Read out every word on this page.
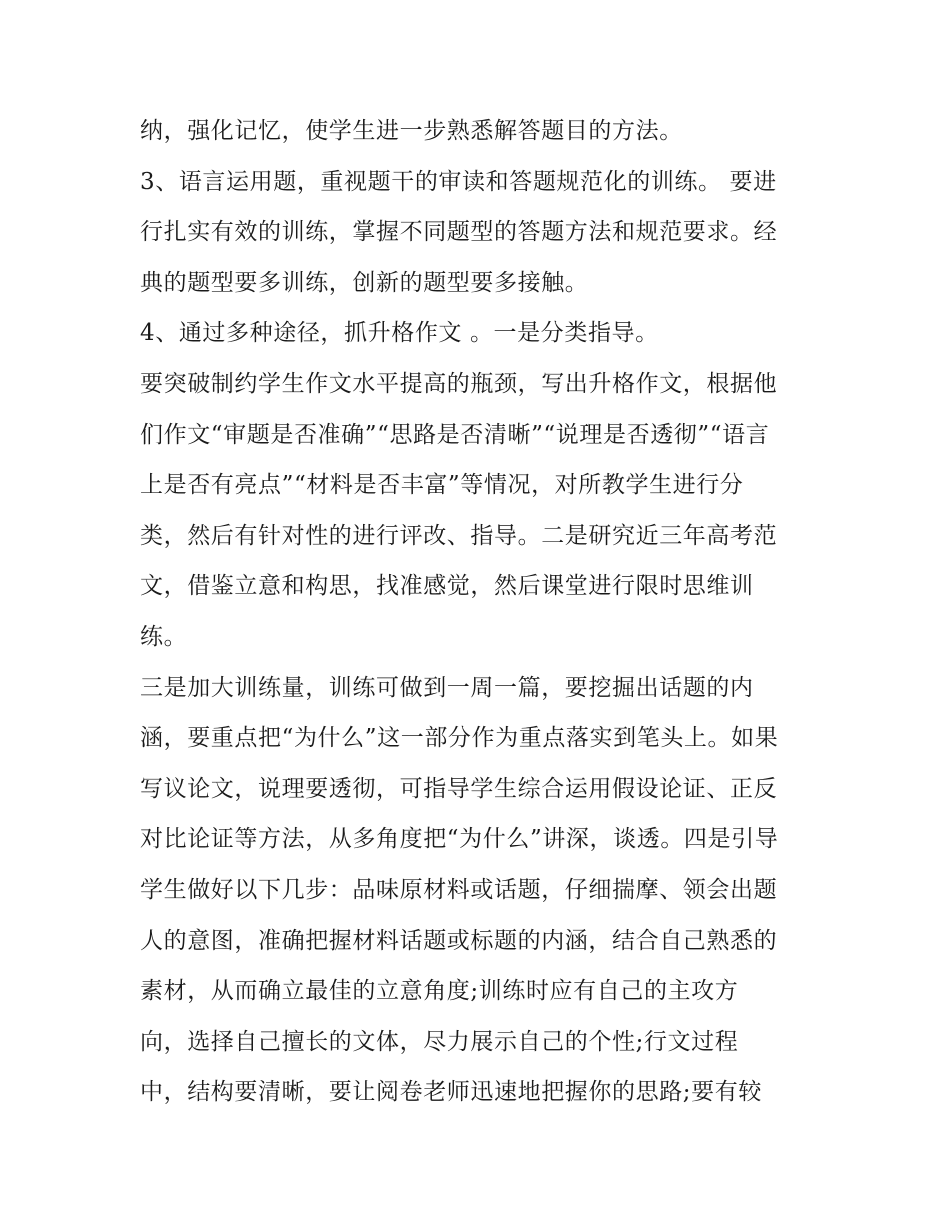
纳，强化记忆，使学生进一步熟悉解答题目的方法。
3、语言运用题，重视题干的审读和答题规范化的训练。 要进
行扎实有效的训练，掌握不同题型的答题方法和规范要求。经
典的题型要多训练，创新的题型要多接触。
4、通过多种途径，抓升格作文 。一是分类指导。
要突破制约学生作文水平提高的瓶颈，写出升格作文，根据他
们作文“审题是否准确”“思路是否清晰”“说理是否透彻”“语言
上是否有亮点”“材料是否丰富”等情况，对所教学生进行分
类，然后有针对性的进行评改、指导。二是研究近三年高考范
文，借鉴立意和构思，找准感觉，然后课堂进行限时思维训
练。
三是加大训练量，训练可做到一周一篇，要挖掘出话题的内
涵，要重点把“为什么”这一部分作为重点落实到笔头上。如果
写议论文，说理要透彻，可指导学生综合运用假设论证、正反
对比论证等方法，从多角度把“为什么”讲深，谈透。四是引导
学生做好以下几步：品味原材料或话题，仔细揣摩、领会出题
人的意图，准确把握材料话题或标题的内涵，结合自己熟悉的
素材，从而确立最佳的立意角度;训练时应有自己的主攻方
向，选择自己擅长的文体，尽力展示自己的个性;行文过程
中，结构要清晰，要让阅卷老师迅速地把握你的思路;要有较
